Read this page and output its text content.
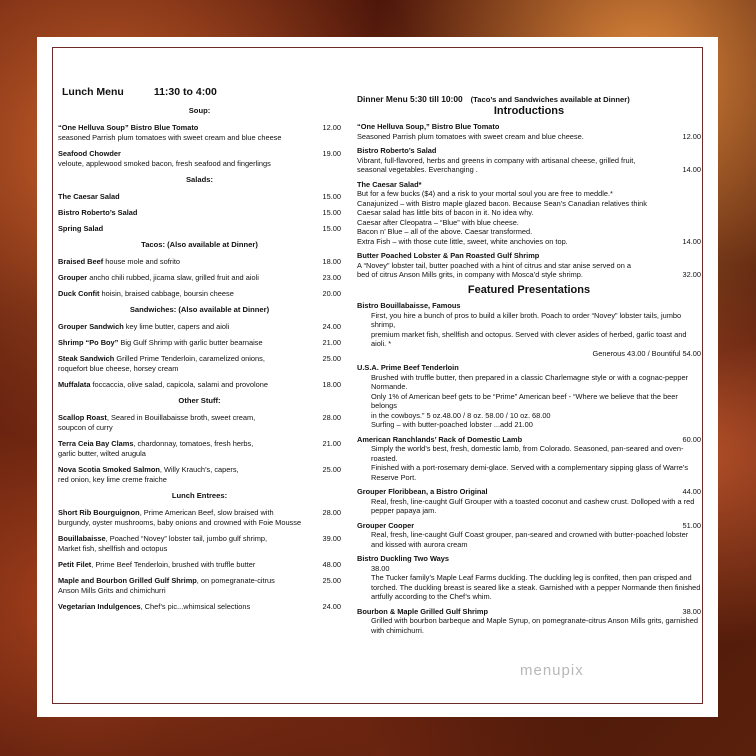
Lunch Menu	11:30 to 4:00
Soup:
“One Helluva Soup” Bistro Blue Tomato	12.00
seasoned Parrish plum tomatoes with sweet cream and blue cheese
Seafood Chowder	19.00
veloute, applewood smoked bacon, fresh seafood and fingerlings
Salads:
The Caesar Salad	15.00
Bistro Roberto’s Salad	15.00
Spring Salad	15.00
Tacos: (Also available at Dinner)
Braised Beef house mole and sofrito	18.00
Grouper ancho chili rubbed, jicama slaw, grilled fruit and aioli	23.00
Duck Confit hoisin, braised cabbage, boursin cheese	20.00
Sandwiches: (Also available at Dinner)
Grouper Sandwich key lime butter, capers and aioli	24.00
Shrimp “Po Boy” Big Gulf Shrimp with garlic butter bearnaise	21.00
Steak Sandwich Grilled Prime Tenderloin, caramelized onions,	25.00
roquefort blue cheese, horsey cream
Muffalata foccaccia, olive salad, capicola, salami and provolone	18.00
Other Stuff:
Scallop Roast, Seared in Bouillabaisse broth, sweet cream,	28.00
soupcon of curry
Terra Ceia Bay Clams, chardonnay, tomatoes, fresh herbs,	21.00
garlic butter, wilted arugula
Nova Scotia Smoked Salmon, Willy Krauch’s, capers,	25.00
red onion, key lime creme fraiche
Lunch Entrees:
Short Rib Bourguignon, Prime American Beef, slow braised with	28.00
burgundy, oyster mushrooms, baby onions and crowned with Foie Mousse
Bouillabaisse, Poached “Novey” lobster tail, jumbo gulf shrimp,	39.00
Market fish, shellfish and octopus
Petit Filet, Prime Beef Tenderloin, brushed with truffle butter	48.00
Maple and Bourbon Grilled Gulf Shrimp, on pomegranate-citrus	25.00
Anson Mills Grits and chimichurri
Vegetarian Indulgences, Chef’s pic...whimsical selections	24.00
Dinner Menu 5:30 till 10:00 (Taco’s and Sandwiches available at Dinner)
Introductions
“One Helluva Soup,” Bistro Blue Tomato
Seasoned Parrish plum tomatoes with sweet cream and blue cheese.	12.00
Bistro Roberto’s Salad
Vibrant, full-flavored, herbs and greens in company with artisanal cheese, grilled fruit,
seasonal vegetables. Everchanging .	14.00
The Caesar Salad*
But for a few bucks ($4) and a risk to your mortal soul you are free to meddle.*
Canajunized – with Bistro maple glazed bacon. Because Sean’s Canadian relatives think
Caesar salad has little bits of bacon in it. No idea why.
Caesar after Cleopatra – “Blue” with blue cheese.
Bacon n’ Blue – all of the above. Caesar transformed.
Extra Fish – with those cute little, sweet, white anchovies on top.	14.00
Butter Poached Lobster & Pan Roasted Gulf Shrimp
A “Novey” lobster tail, butter poached with a hint of citrus and star anise served on a
bed of citrus Anson Mills grits, in company with Mosca’d style shrimp.	32.00
Featured Presentations
Bistro Bouillabaisse, Famous
First, you hire a bunch of pros to build a killer broth. Poach to order “Novey” lobster tails, jumbo shrimp,
premium market fish, shellfish and octopus. Served with clever asides of herbed, garlic toast and aioli. *
Generous 43.00 / Bountiful 54.00
U.S.A. Prime Beef Tenderloin
Brushed with truffle butter, then prepared in a classic Charlemagne style or with a cognac-pepper Normande.
Only 1% of American beef gets to be “Prime” American beef - “Where we believe that the beer belongs
in the cowboys.” 5 oz.48.00 / 8 oz. 58.00 / 10 oz. 68.00
Surfing – with butter-poached lobster ...add 21.00
American Ranchlands’ Rack of Domestic Lamb	60.00
Simply the world’s best, fresh, domestic lamb, from Colorado. Seasoned, pan-seared and oven-roasted.
Finished with a port-rosemary demi-glace. Served with a complementary sipping glass of Warre’s Reserve Port.
Grouper Floribbean, a Bistro Original	44.00
Real, fresh, line-caught Gulf Grouper with a toasted coconut and cashew crust. Dolloped with a red pepper papaya jam.
Grouper Cooper	51.00
Real, fresh, line-caught Gulf Coast grouper, pan-seared and crowned with butter-poached lobster and kissed with aurora cream
Bistro Duckling Two Ways
38.00
The Tucker family’s Maple Leaf Farms duckling. The duckling leg is confited, then pan crisped and torched. The duckling breast is seared like a steak. Garnished with a pepper Normande then finished artfully according to the Chef’s whim.
Bourbon & Maple Grilled Gulf Shrimp	38.00
Grilled with bourbon barbeque and Maple Syrup, on pomegranate-citrus Anson Mills grits, garnished with chimichurri.
menupix
